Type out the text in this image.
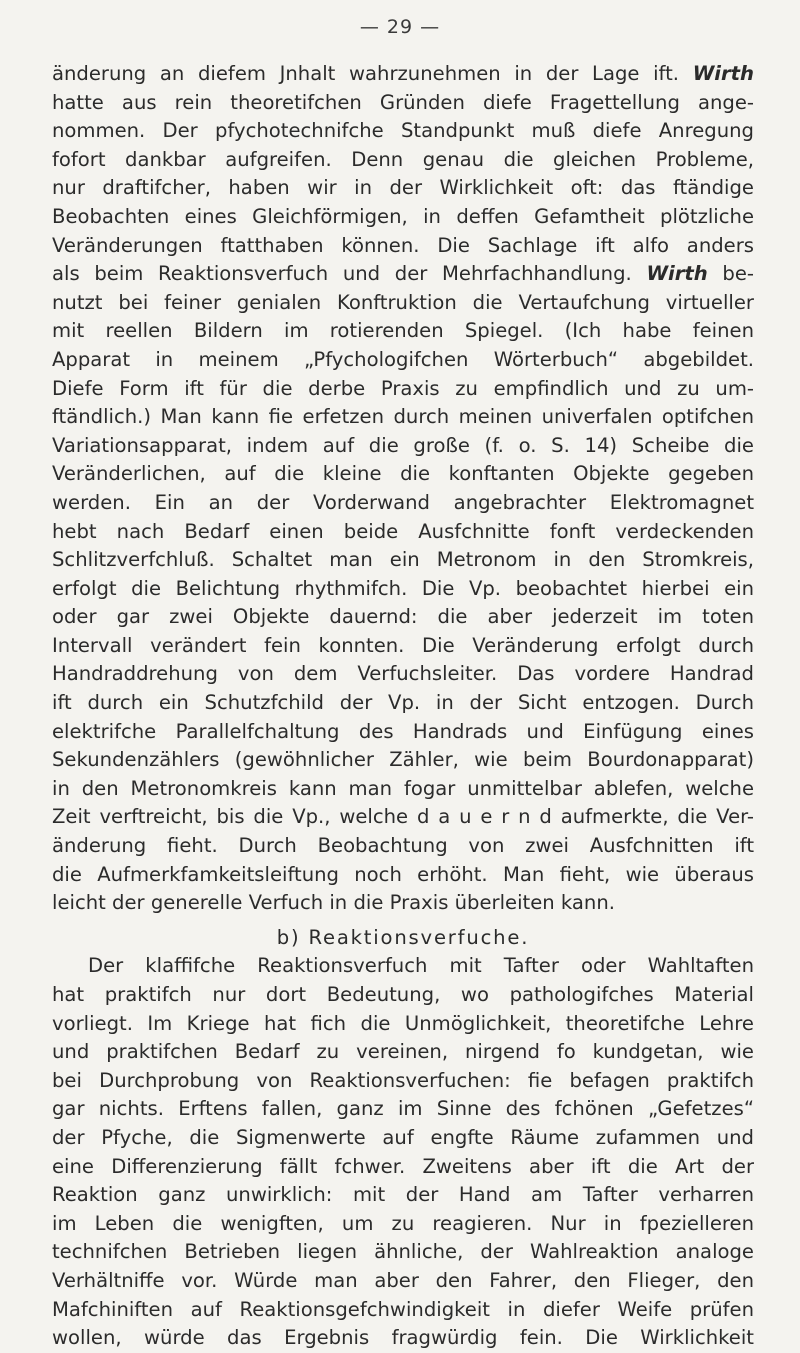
— 29 —
änderung an diefem Jnhalt wahrzunehmen in der Lage ift. Wirth
hatte aus rein theoretifchen Gründen diefe Fragettellung ange-
nommen. Der pfychotechnifche Standpunkt muß diefe Anregung
fofort dankbar aufgreifen. Denn genau die gleichen Probleme,
nur draftifcher, haben wir in der Wirklichkeit oft: das ftändige
Beobachten eines Gleichförmigen, in deffen Gefamtheit plötzliche
Veränderungen ftatthaben können. Die Sachlage ift alfo anders
als beim Reaktionsverfuch und der Mehrfachhandlung. Wirth be-
nutzt bei feiner genialen Konftruktion die Vertaufchung virtueller
mit reellen Bildern im rotierenden Spiegel. (Ich habe feinen
Apparat in meinem „Pfychologifchen Wörterbuch“ abgebildet.
Diefe Form ift für die derbe Praxis zu empfindlich und zu um-
ftändlich.) Man kann fie erfetzen durch meinen univerfalen optifchen
Variationsapparat, indem auf die große (f. o. S. 14) Scheibe die
Veränderlichen, auf die kleine die konftanten Objekte gegeben
werden. Ein an der Vorderwand angebrachter Elektromagnet
hebt nach Bedarf einen beide Ausfchnitte fonft verdeckenden
Schlitzverfchluß. Schaltet man ein Metronom in den Stromkreis,
erfolgt die Belichtung rhythmifch. Die Vp. beobachtet hierbei ein
oder gar zwei Objekte dauernd: die aber jederzeit im toten
Intervall verändert fein konnten. Die Veränderung erfolgt durch
Handraddrehung von dem Verfuchsleiter. Das vordere Handrad
ift durch ein Schutzfchild der Vp. in der Sicht entzogen. Durch
elektrifche Parallelfchaltung des Handrads und Einfügung eines
Sekundenzählers (gewöhnlicher Zähler, wie beim Bourdonapparat)
in den Metronomkreis kann man fogar unmittelbar ablefen, welche
Zeit verftreicht, bis die Vp., welche d a u e r n d aufmerkte, die Ver-
änderung fieht. Durch Beobachtung von zwei Ausfchnitten ift
die Aufmerkfamkeitsleiftung noch erhöht. Man fieht, wie überaus
leicht der generelle Verfuch in die Praxis überleiten kann.
b) Reaktionsverfuche.
Der klaffifche Reaktionsverfuch mit Tafter oder Wahltaften
hat praktifch nur dort Bedeutung, wo pathologifches Material
vorliegt. Im Kriege hat fich die Unmöglichkeit, theoretifche Lehre
und praktifchen Bedarf zu vereinen, nirgend fo kundgetan, wie
bei Durchprobung von Reaktionsverfuchen: fie befagen praktifch
gar nichts. Erftens fallen, ganz im Sinne des fchönen „Gefetzes“
der Pfyche, die Sigmenwerte auf engfte Räume zufammen und
eine Differenzierung fällt fchwer. Zweitens aber ift die Art der
Reaktion ganz unwirklich: mit der Hand am Tafter verharren
im Leben die wenigften, um zu reagieren. Nur in fpezielleren
technifchen Betrieben liegen ähnliche, der Wahlreaktion analoge
Verhältniffe vor. Würde man aber den Fahrer, den Flieger, den
Mafchiniften auf Reaktionsgefchwindigkeit in diefer Weife prüfen
wollen, würde das Ergebnis fragwürdig fein. Die Wirklichkeit
